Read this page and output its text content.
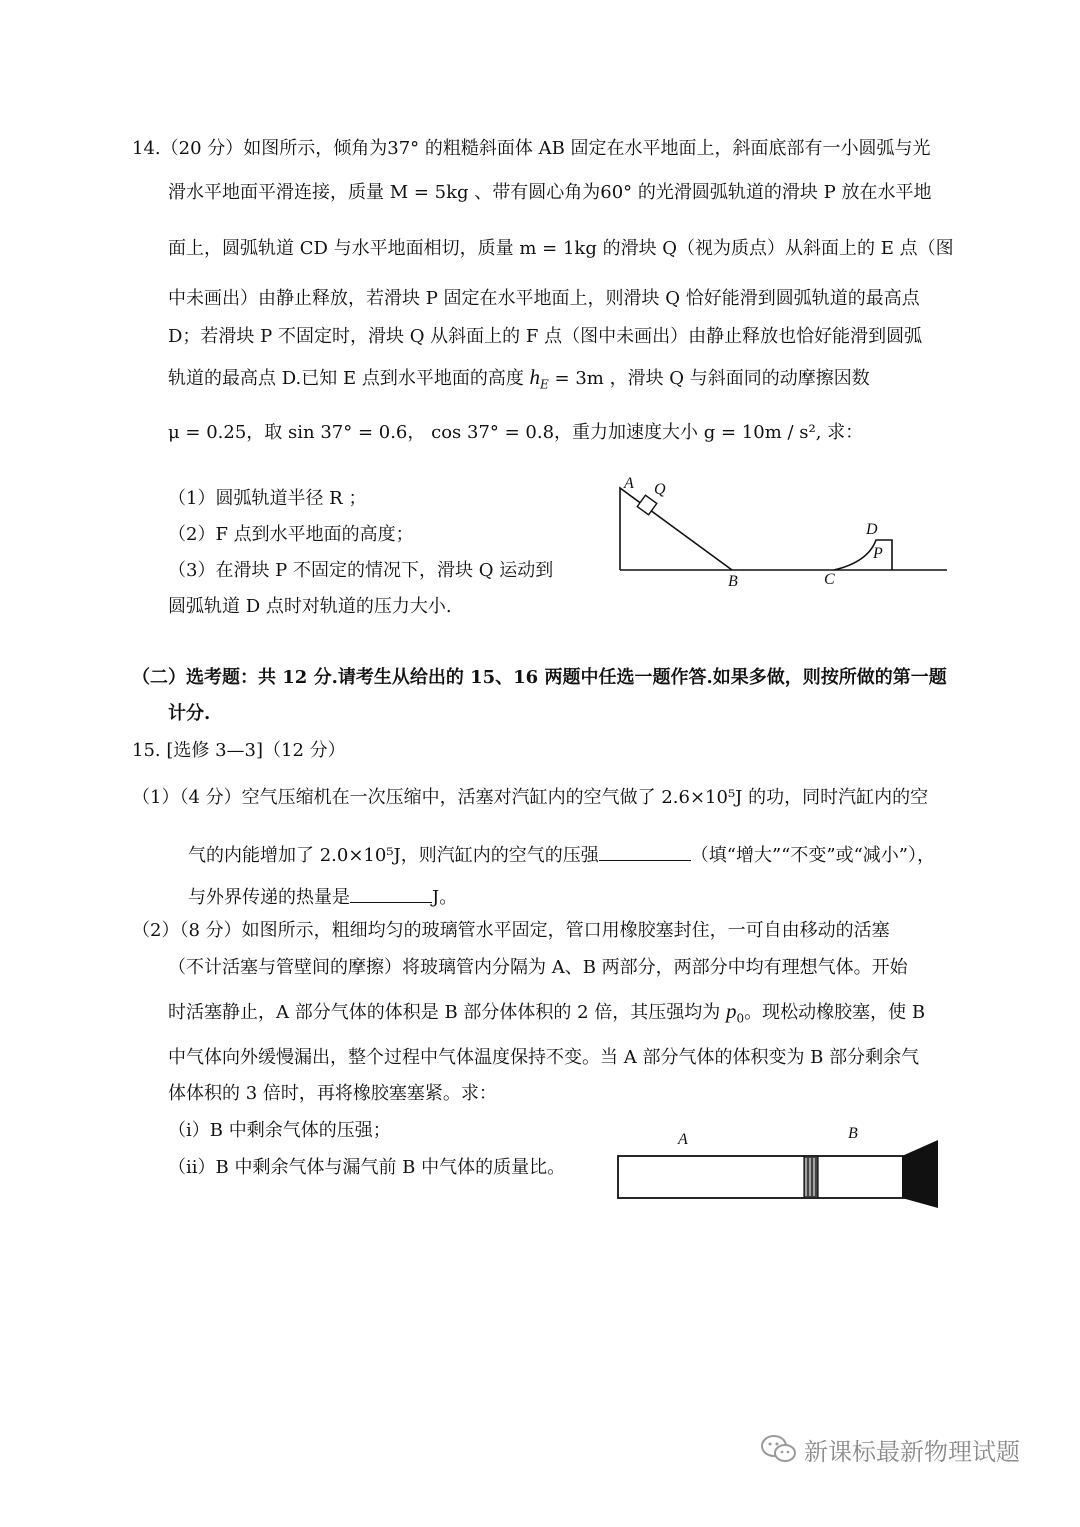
14.（20 分）如图所示，倾角为37° 的粗糙斜面体 AB 固定在水平地面上，斜面底部有一小圆弧与光
滑水平地面平滑连接，质量 M = 5kg 、带有圆心角为60° 的光滑圆弧轨道的滑块 P 放在水平地
面上，圆弧轨道 CD 与水平地面相切，质量 m = 1kg 的滑块 Q（视为质点）从斜面上的 E 点（图
中未画出）由静止释放，若滑块 P 固定在水平地面上，则滑块 Q 恰好能滑到圆弧轨道的最高点
D；若滑块 P 不固定时，滑块 Q 从斜面上的 F 点（图中未画出）由静止释放也恰好能滑到圆弧
轨道的最高点 D.已知 E 点到水平地面的高度 $h_E = 3m$ ，滑块 Q 与斜面同的动摩擦因数
μ = 0.25，取 sin 37° = 0.6， cos 37° = 0.8，重力加速度大小 g = 10m / s², 求：
（1）圆弧轨道半径 R ；
（2）F 点到水平地面的高度；
（3）在滑块 P 不固定的情况下，滑块 Q 运动到
圆弧轨道 D 点时对轨道的压力大小.
A Q
B	C
D
P
（二）选考题：共 12 分.请考生从给出的 15、16 两题中任选一题作答.如果多做，则按所做的第一题
计分.
15. [选修 3—3]（12 分）
（1）（4 分）空气压缩机在一次压缩中，活塞对汽缸内的空气做了 2.6×10⁵J 的功，同时汽缸内的空
气的内能增加了 2.0×10⁵J，则汽缸内的空气的压强	（填“增大”“不变”或“减小”），
与外界传递的热量是	J。
（2）（8 分）如图所示，粗细均匀的玻璃管水平固定，管口用橡胶塞封住，一可自由移动的活塞
（不计活塞与管壁间的摩擦）将玻璃管内分隔为 A、B 两部分，两部分中均有理想气体。开始
时活塞静止，A 部分气体的体积是 B 部分体体积的 2 倍，其压强均为 $p_0$。现松动橡胶塞，使 B
中气体向外缓慢漏出，整个过程中气体温度保持不变。当 A 部分气体的体积变为 B 部分剩余气
体体积的 3 倍时，再将橡胶塞塞紧。求：
（i）B 中剩余气体的压强；
（ii）B 中剩余气体与漏气前 B 中气体的质量比。
A	B
新课标最新物理试题
